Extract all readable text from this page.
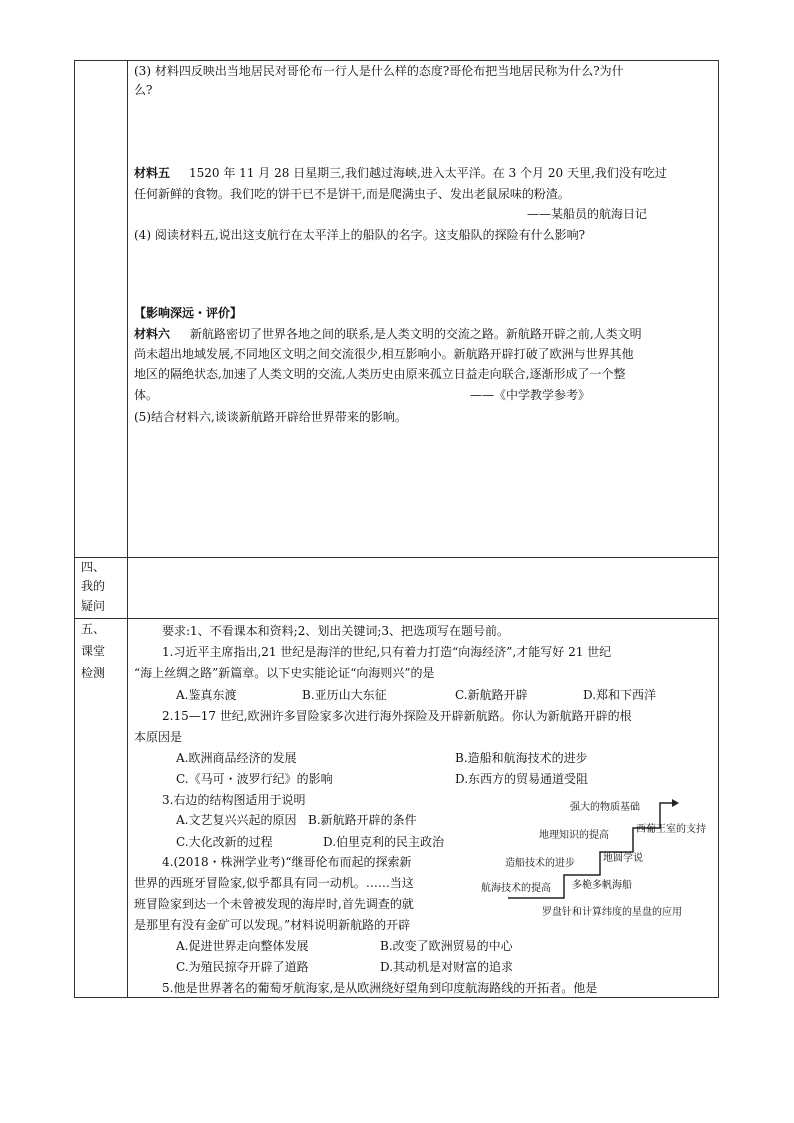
(3) 材料四反映出当地居民对哥伦布一行人是什么样的态度?哥伦布把当地居民称为什么?为什
么?
材料五 1520 年 11 月 28 日星期三,我们越过海峡,进入太平洋。在 3 个月 20 天里,我们没有吃过
任何新鲜的食物。我们吃的饼干已不是饼干,而是爬满虫子、发出老鼠尿味的粉渣。
——某船员的航海日记
(4) 阅读材料五,说出这支航行在太平洋上的船队的名字。这支船队的探险有什么影响?
【影响深远・评价】
材料六 新航路密切了世界各地之间的联系,是人类文明的交流之路。新航路开辟之前,人类文明
尚未超出地域发展,不同地区文明之间交流很少,相互影响小。新航路开辟打破了欧洲与世界其他
地区的隔绝状态,加速了人类文明的交流,人类历史由原来孤立日益走向联合,逐渐形成了一个整
体。	——《中学教学参考》
(5)结合材料六,谈谈新航路开辟给世界带来的影响。
四、
我的
疑问
五、
课堂
检测
要求:1、不看课本和资料;2、划出关键词;3、把选项写在题号前。
1.习近平主席指出,21 世纪是海洋的世纪,只有着力打造“向海经济”,才能写好 21 世纪
“海上丝绸之路”新篇章。以下史实能论证“向海则兴”的是
A.鉴真东渡	B.亚历山大东征	C.新航路开辟	D.郑和下西洋
2.15—17 世纪,欧洲许多冒险家多次进行海外探险及开辟新航路。你认为新航路开辟的根
本原因是
A.欧洲商品经济的发展	B.造船和航海技术的进步
C.《马可・波罗行纪》的影响	D.东西方的贸易通道受阻
3.右边的结构图适用于说明
A.文艺复兴兴起的原因 B.新航路开辟的条件
C.大化改新的过程	D.伯里克利的民主政治
4.(2018・株洲学业考)“继哥伦布而起的探索新
世界的西班牙冒险家,似乎都具有同一动机。……当这
班冒险家到达一个未曾被发现的海岸时,首先调查的就
是那里有没有金矿可以发现。”材料说明新航路的开辟
A.促进世界走向整体发展	B.改变了欧洲贸易的中心
C.为殖民掠夺开辟了道路	D.其动机是对财富的追求
5.他是世界著名的葡萄牙航海家,是从欧洲绕好望角到印度航海路线的开拓者。他是
罗盘针和计算纬度的星盘的应用
航海技术的提高 多桅多帆海船
造船技术的进步	地圆学说
地理知识的提高
西葡王室的支持
强大的物质基础
